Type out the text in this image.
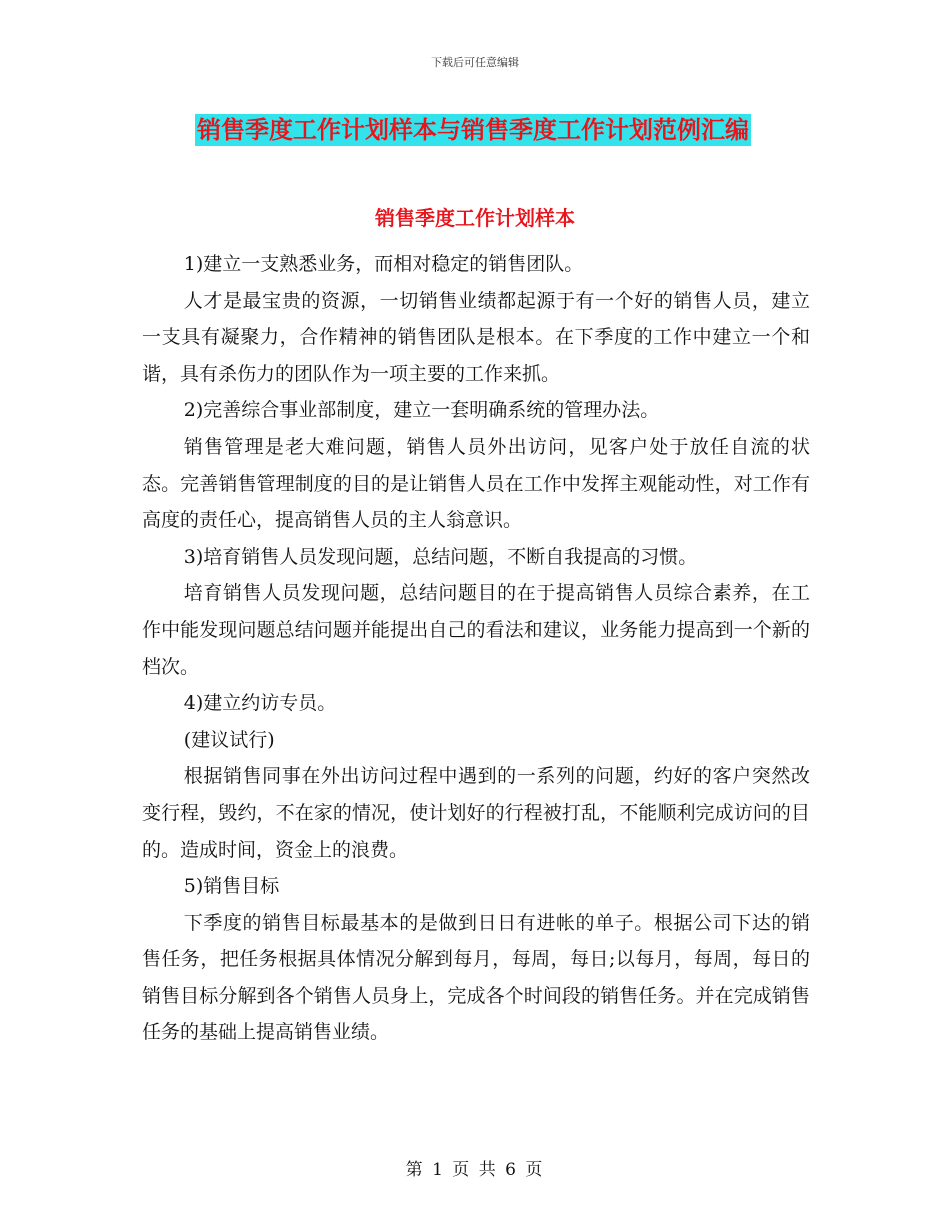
下载后可任意编辑
销售季度工作计划样本与销售季度工作计划范例汇编
销售季度工作计划样本

1)建立一支熟悉业务，而相对稳定的销售团队。

人才是最宝贵的资源，一切销售业绩都起源于有一个好的销售人员，建立一支具有凝聚力，合作精神的销售团队是根本。在下季度的工作中建立一个和谐，具有杀伤力的团队作为一项主要的工作来抓。

2)完善综合事业部制度，建立一套明确系统的管理办法。

销售管理是老大难问题，销售人员外出访问，见客户处于放任自流的状态。完善销售管理制度的目的是让销售人员在工作中发挥主观能动性，对工作有高度的责任心，提高销售人员的主人翁意识。

3)培育销售人员发现问题，总结问题，不断自我提高的习惯。

培育销售人员发现问题，总结问题目的在于提高销售人员综合素养，在工作中能发现问题总结问题并能提出自己的看法和建议，业务能力提高到一个新的档次。

4)建立约访专员。

(建议试行)

根据销售同事在外出访问过程中遇到的一系列的问题，约好的客户突然改变行程，毁约，不在家的情况，使计划好的行程被打乱，不能顺利完成访问的目的。造成时间，资金上的浪费。

5)销售目标

下季度的销售目标最基本的是做到日日有进帐的单子。根据公司下达的销售任务，把任务根据具体情况分解到每月，每周，每日;以每月，每周，每日的销售目标分解到各个销售人员身上，完成各个时间段的销售任务。并在完成销售任务的基础上提高销售业绩。

第 1 页 共 6 页
